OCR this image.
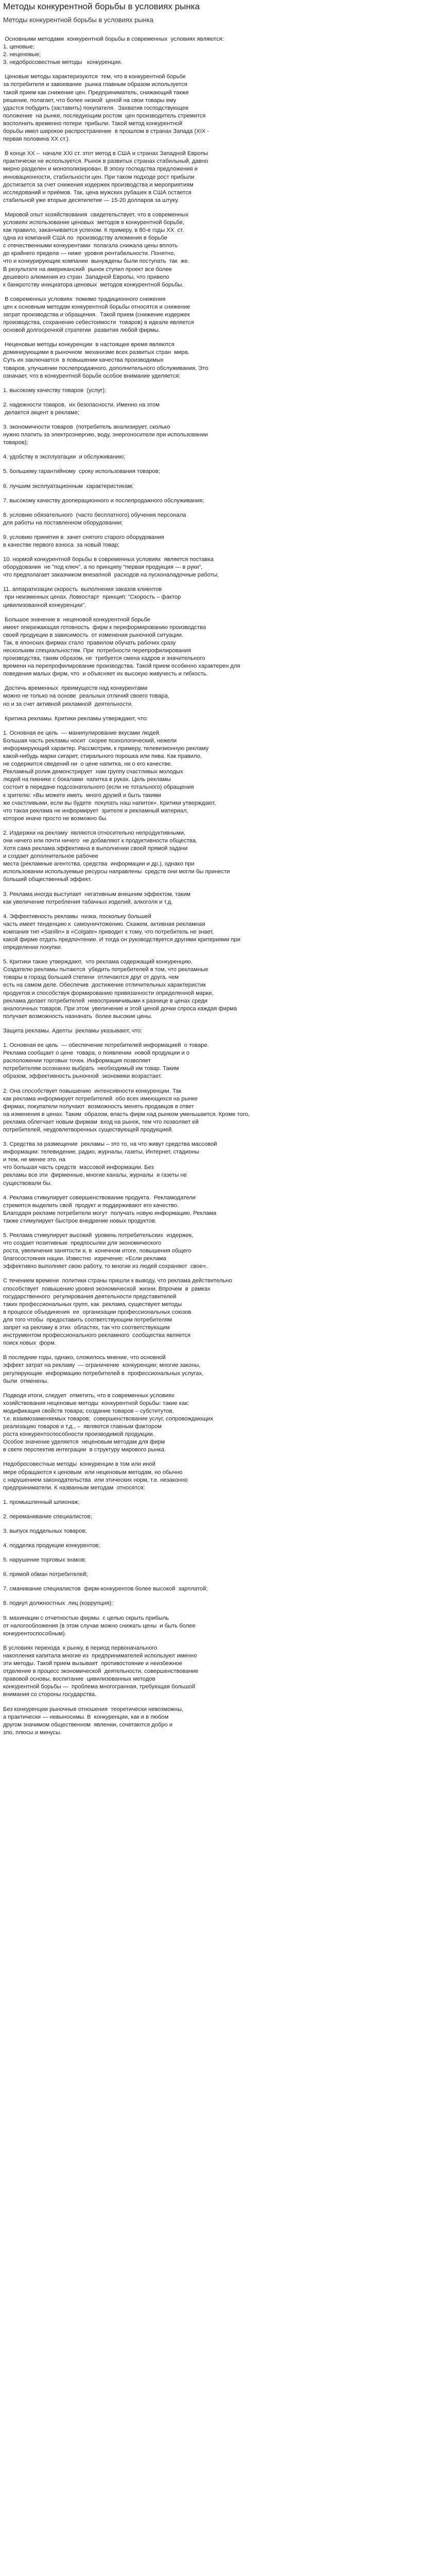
Методы конкурентной борьбы в условиях рынка
Методы конкурентной борьбы в условиях рынка

Основными методами  конкурентной борьбы в современных  условиях являются:
1. ценовые;
2. неценовые;
3. недобросовестные методы   конкуренции.

Ценовые методы характеризуются  тем, что в конкурентной борьбе
за потребителя и завоевание  рынка главным образом используется
такой прием как снижение цен. Предприниматель, снижающий также
решение, полагает, что более низкой  ценой на свои товары ему
удастся побудить (заставить) покупателя.  Захватив господствующее
положение  на рынке, последующим ростом  цен производитель стремится
восполнить временно потери  прибыли. Такой метод конкурентной
борьбы имел широкое распространение  в прошлом в странах Запада (XIX -
первая половина XX ст.).

В конце XX –  начале XXI ст. этот метод в США и странах Западной Европы
практически не используется. Рынок в развитых странах стабильный, давно
мирно разделен и монополизирован. В эпоху господства предложения и
инновационности, стабильности цен. При таком подходе рост прибыли
достигается за счет снижения издержек производства и мероприятиям
исследований и приёмов. Так, цена мужских рубашек в США остается
стабильной уже вторые десятилетие — 15-20 долларов за штуку.

Мировой опыт хозяйствования  свидетельствует, что в современных
условиях использование ценовых  методов в конкурентной борьбе,
как правило, заканчивается успехом. К примеру, в 80-е годы XX  ст.
одна из компаний США по  производству алюминия в борьбе
с отечественными конкурентами  полагала снижала цены вплоть
до крайнего предела — ниже  уровня рентабельности. Понятно,
что и конкурирующие компании  вынуждены были поступать  так  же.
В результате на американский  рынок ступил проект все более
дешевого алюминия из стран  Западной Европы, что привело
к банкротству инициатора ценовых  методов конкурентной борьбы.

В современных условиях  помимо традиционного снижения
цен к основным методам конкурентной борьбы относятся и снижение
затрат производства и обращения.  Такой прием (снижение издержек
производства, сохранение себестоимости  товаров) в идеале является
основой долгосрочной стратегии  развития любой фирмы.

Неценовые методы конкуренции  в настоящее время являются
доминирующими в рыночном  механизме всех развитых стран  мира.
Суть их заключается  в повышении качества производимых
товаров, улучшении послепродажного, дополнительного обслуживания. Это
означает, что в конкурентной борьбе особое внимание уделяется:

1. высокому качеству товаров  (услуг);

2. надежности товаров,  их безопасности. Именно на этом
делается акцент в рекламе;

3. экономичности товаров  (потребитель анализирует, сколько
нужно платить за электроэнергию, воду, энергоносители при использовании
товаров);

4. удобству в эксплуатации  и обслуживанию;

5. большему гарантийному  сроку использования товаров;

6. лучшим эксплуатационным  характеристикам;

7. высокому качеству дооперационного и послепродажного обслуживания;

8. условию обязательного  (часто бесплатного) обучения персонала
для работы на поставленном оборудовании;

9. условию принятия в  зачет снятого старого оборудования
в качестве первого взноса  за новый товар;

10. нормой конкурентной борьбы в современных условиях  является поставка
оборудования  не "под ключ", а по принципу "первая продукция — в руки",
что предполагает заказчиком внезапной  расходов на пусконаладочные работы;

11. аппаратизации скорость  выполнения заказов клиентов
при неизменных ценах. Ловкостарт  принцип: "Скорость – фактор
цивилизованной конкуренции".

Большое значение в  неценовой конкурентной борьбе
имеет опережающая готовность  фирм к переформированию производства
своей продукции в зависимость  от изменения рыночной ситуации.
Так, в японских фирмах стало  правилом обучать рабочих сразу
нескольким специальностям. При  потребности перепрофилирования
производства, таким образом, не  требуется смена кадров и значительного
времени на перепрофилирование производства. Такой прием особенно характерен для
поведения малых фирм, что  и объясняет их высокую живучесть и гибкость.

Достичь временных  преимуществ над конкурентами
можно не только на основе  реальных отличий своего товара,
но и за счет активной рекламной  деятельности.

Критика рекламы. Критики рекламы утверждают, что:

1. Основная ее цель  — манипулирование вкусами людей.
Большая часть рекламы носит  скорее психологический, нежели
информирующий характер. Рассмотрим, к примеру, телевизионную рекламу
какой-нибудь марки сигарет, стирального порошка или пива. Как правило,
не содержится сведений ни  о цене напитка, ни о его качестве.
Рекламный ролик демонстрирует  нам группу счастливых молодых
людей на пикнике с бокалами  напитка в руках. Цель рекламы
состоит в передаче подсознательного (если не тотального) обращения
к зрителю: «Вы можете иметь  много друзей и быть такими
же счастливыми, если вы будете  покупать наш напиток». Критики утверждают,
что такая реклама не информирует  зрителя и рекламный материал,
которое иначе просто не возможно бы.

2. Издержки на рекламу  являются относительно непродуктивными,
они ничего или почти ничего  не добавляют к продуктивности общества.
Хотя сама реклама эффективна в выполнении своей прямой задачи
и создает дополнительное рабочее
места (рекламные агентства, средства  информации и др.), однако при
использовании используемые ресурсы направлены  средств они могли бы принести
больший общественный эффект.

3. Реклама иногда выступает  негативным внешним эффектом, таким
как увеличение потребления табачных изделий, алкоголя и т.д.

4. Эффективность рекламы  низка, поскольку большей
часть имеет тенденцию к  самоуничтожению. Скажем, активная рекламная
компания тип «Sanilin» в «Colgate» приводит к тому, что потребитель не знает,
какой фирме отдать предпочтение. И тогда он руководствуется другими критериями при
определении покупки.

5. Критики также утверждают,  что реклама содержащий конкуренцию.
Создателю рекламы пытаются  убедить потребителей в том, что рекламные
товары в горазд большей степени  отличаются друг от друга, чем
есть на самом деле. Обеспечив  достижение отличительных характеристик
продуктов и способствуя формированию привязанности определенной марки,
реклама делает потребителей  невосприимчивыми к разнице в ценах среди
аналогичных товаров. При этом  увеличение и этой ценой дочки спроса каждая фирма
получает возможность назначать  более высокие цены.

Защита рекламы. Адепты  рекламы указывают, что:

1. Основная ее цель  — обеспечение потребителей информацией  о товаре.
Реклама сообщает о цене  товара, о появлении  новой продукции и о
расположении торговых точек. Информация позволяет
потребителям осознанно выбрать  необходимый им товар. Таким
образом, эффективность рыночной  экономики возрастает.

2. Она способствует повышению  интенсивности конкуренции. Так
как реклама информирует потребителей  обо всех имеющихся на рынке
фирмах, покупатели получают  возможность менять продавцов в ответ
на изменения в ценах. Таким  образом, власть фирм над рынком уменьшается. Кроме того,
реклама облегчает новым фирмам  вход на рынок, тем что позволяет ей
потребителей, неудовлетворенных существующей продукцией.

3. Средства за размещение  рекламы – это то, на что живут средства массовой
информации: телевидение, радио, журналы, газеты, Интернет, стадионы
и тем, не менее это, на
что большая часть средств  массовой информации. Без
рекламы все эти  фирменные, многие каналы, журналы  и газеты не
существовали бы.

4. Реклама стимулирует совершенствование продукта.  Рекламодатели
стремятся выделить свой  продукт и поддерживают его качество.
Благодаря рекламе потребители могут  получать новую информацию. Реклама
также стимулирует быстрое внедрение новых продуктов.

5. Реклама стимулирует высокий  уровень потребительских  издержек,
что создает позитивные  предпосылки для экономического
роста, увеличения занятости и, в  конечном итоге, повышения общего
благосостояния нации. Известно  изречение: «Если реклама
эффективно выполняет свою работу, то многие из людей сохраняют  свое».

С течением времени  политики страны пришли к выводу, что реклама действительно
способствует  повышению уровня экономической  жизни. Впрочем  в  рамках
государственного  регулирования деятельности представителей
таких профессиональных групп, как  реклама, существуют методы
в процессе объединения  ее  организации профессиональных союзов
для того чтобы  предоставить соответствующим потребителям
запрет на рекламу в этих  областях, так что соответствующим
инструментом профессионального рекламного  сообщества является
поиск новых  форм.

В последние годы, однако, сложилось мнение, что основной
эффект затрат на рекламу  — ограничение  конкуренции; многие законы,
регулирующие  информацию потребителей в  профессиональных услугах,
были  отменены.

Подводя итоги, следует  отметить, что в современных условиях
хозяйствования неценовые методы  конкурентной борьбы: такие как:
модификация свойств товара; создание товаров – субститутов,
т.е. взаимозаменяемых товаров;  совершенствование услуг, сопровождающих
реализацию товаров и т.д., –  являются главным фактором
роста конкурентоспособности производимой продукции.
Особое значение уделяется  неценовым методам для фирм
в свете перспектив интеграции  в структуру мирового рынка.

Недобросовестные методы  конкуренции в том или иной
мере обращаются к ценовым  или неценовым методам, но обычно
с нарушением законодательства  или этических норм, т.е. незаконно
предприниматели. К названным методам  относятся:

1. промышленный шпионаж;

2. переманивание специалистов;

3. выпуск поддельных товаров;

4. подделка продукции конкурентов;

5. нарушение торговых знаков;

6. прямой обман потребителей;

7. сманивание специалистов  фирм-конкурентов более высокой  зарплатой;

8. подкуп должностных  лиц (коррупция);

9. махинации с отчетностью фирмы  с целью скрыть прибыль
от налогообложения (в этом случае можно снижать цены  и быть более
конкурентоспособным).

В условиях перехода  к рынку, в период первоначального
накопления капитала многие из  предпринимателей используют именно
эти методы. Такой прием вызывает  противостояние и неизбежное
отделение в процесс экономической  деятельности, совершенствование
правовой основы, воспитание  цивилизованных методов
конкурентной борьбы —  проблема многогранная, требующая большой
внимания со стороны государства.

Без конкуренции рыночные отношения  теоретически невозможны,
а практически — невыносимы. В  конкуренции, как и в любом
другом значимом общественном  явлении, сочетаются добро и
зло, плюсы и минусы.
